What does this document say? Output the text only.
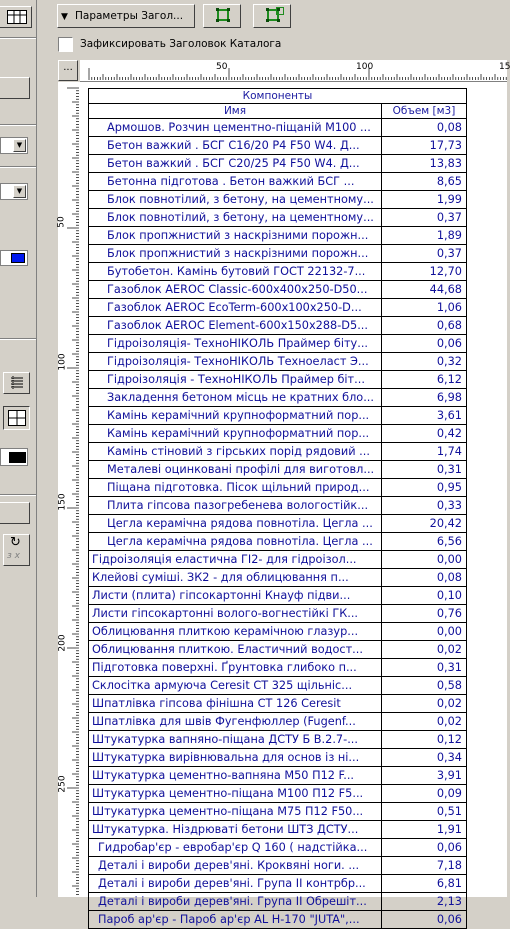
▼
▼
↻
з х
▼ Параметры Загол...
Зафиксировать Заголовок Каталога
...	50	100	15
50
100
150
200
250
Компоненты	
Имя	Объем [м3]
Армошов. Розчин цементно-піщаній М100 ...	0,08
Бетон важкий . БСГ С16/20 Р4 F50 W4. Д...	17,73
Бетон важкий . БСГ С20/25 Р4 F50 W4. Д...	13,83
Бетонна підготова . Бетон важкий БСГ ...	8,65
Блок повнотілий, з бетону, на цементному...	1,99
Блок повнотілий, з бетону, на цементному...	0,37
Блок пропжнистий з наскрізними порожн...	1,89
Блок пропжнистий з наскрізними порожн...	0,37
Бутобетон. Камінь бутовий ГОСТ 22132-7...	12,70
Газоблок AEROC Classic-600x400x250-D50...	44,68
Газоблок AEROC EcoTerm-600x100x250-D...	1,06
Газоблок AEROC Element-600x150x288-D5...	0,68
Гідроізоляція- ТехноНІКОЛЬ Праймер біту...	0,06
Гідроізоляція- ТехноНІКОЛЬ Техноеласт Э...	0,32
Гідроізоляція - ТехноНІКОЛЬ Праймер біт...	6,12
Закладення бетоном місць не кратних бло...	6,98
Камінь керамічний крупноформатний пор...	3,61
Камінь керамічний крупноформатний пор...	0,42
Камінь стіновий з гірських порід рядовий ...	1,74
Металеві оцинковані профілі для виготовл...	0,31
Піщана підготовка. Пісок щільний природ...	0,95
Плита гіпсова пазогребенева вологостійк...	0,33
Цегла керамічна рядова повнотіла. Цегла ...	20,42
Цегла керамічна рядова повнотіла. Цегла ...	6,56
Гідроізоляція еластична ГІ2- для гідроізол...	0,00
Клейові суміші. ЗК2 - для облицювання п...	0,08
Листи (плита) гіпсокартонні Кнауф підви...	0,10
Листи гіпсокартонні волого-вогнестійкі ГК...	0,76
Облицювання плиткою керамічною глазур...	0,00
Облицювання плиткою. Еластичний водост...	0,02
Підготовка поверхні. Ґрунтовка глибоко п...	0,31
Склосітка армуюча Ceresit СТ 325 щільніс...	0,58
Шпатлівка гіпсова фінішна СТ 126 Ceresit	0,02
Шпатлівка для швів Фугенфюллер (Fugenf...	0,02
Штукатурка вапняно-піщана ДСТУ Б В.2.7-...	0,12
Штукатурка вирівнювальна для основ із ні...	0,34
Штукатурка цементно-вапняна М50 П12 F...	3,91
Штукатурка цементно-піщана М100 П12 F5...	0,09
Штукатурка цементно-піщана М75 П12 F50...	0,51
Штукатурка. Ніздрюваті бетони ШТЗ ДСТУ...	1,91
Гидробар'єр - евробар'єр Q 160 ( надстійка...	0,06
Деталі і вироби дерев'яні. Кроквяні ноги. ...	7,18
Деталі і вироби дерев'яні. Група II контрбр...	6,81
Деталі і вироби дерев'яні. Група II Обрешіт...	2,13
Пароб ар'єр - Пароб ар'єр AL H-170 "JUTA",...	0,06
